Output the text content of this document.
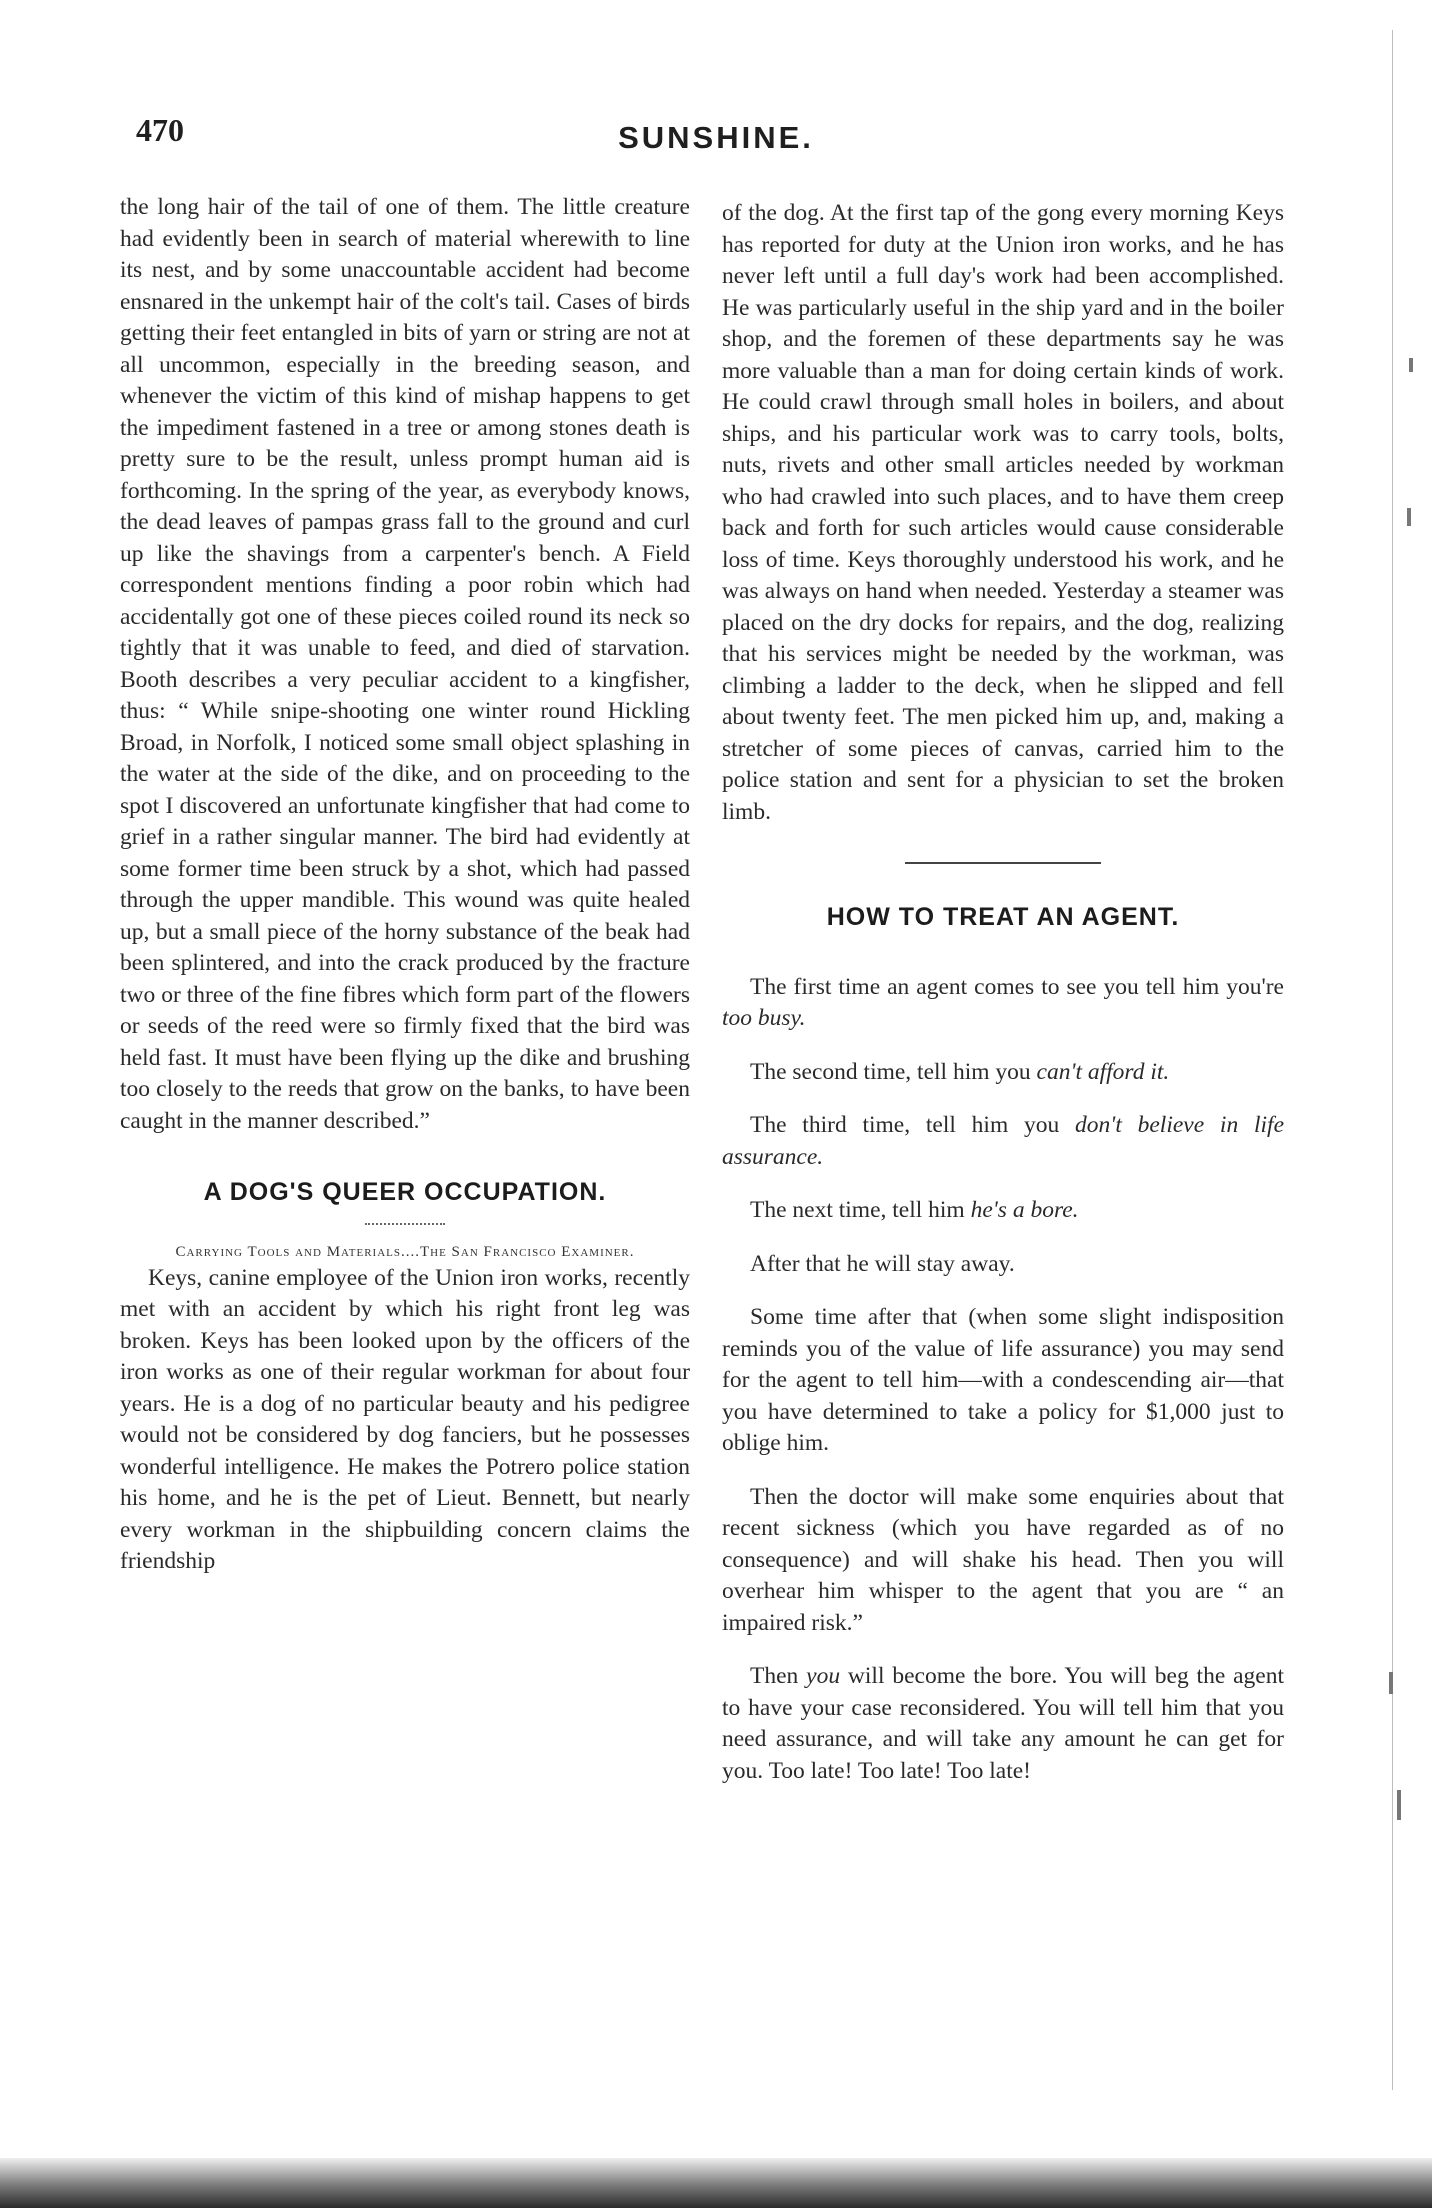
470	SUNSHINE.

the long hair of the tail of one of them. The little creature had evidently been in search of material wherewith to line its nest, and by some unaccountable accident had become ensnared in the unkempt hair of the colt's tail. Cases of birds getting their feet entangled in bits of yarn or string are not at all uncommon, especially in the breeding season, and whenever the victim of this kind of mishap happens to get the impediment fastened in a tree or among stones death is pretty sure to be the result, unless prompt human aid is forthcoming. In the spring of the year, as everybody knows, the dead leaves of pampas grass fall to the ground and curl up like the shavings from a carpenter's bench. A Field correspondent mentions finding a poor robin which had accidentally got one of these pieces coiled round its neck so tightly that it was unable to feed, and died of starvation. Booth describes a very peculiar accident to a kingfisher, thus: “ While snipe-shooting one winter round Hickling Broad, in Norfolk, I noticed some small object splashing in the water at the side of the dike, and on proceeding to the spot I discovered an unfortunate kingfisher that had come to grief in a rather singular manner. The bird had evidently at some former time been struck by a shot, which had passed through the upper mandible. This wound was quite healed up, but a small piece of the horny substance of the beak had been splintered, and into the crack produced by the fracture two or three of the fine fibres which form part of the flowers or seeds of the reed were so firmly fixed that the bird was held fast. It must have been flying up the dike and brushing too closely to the reeds that grow on the banks, to have been caught in the manner described.”

A DOG'S QUEER OCCUPATION.

Carrying Tools and Materials....The San Francisco Examiner.

Keys, canine employee of the Union iron works, recently met with an accident by which his right front leg was broken. Keys has been looked upon by the officers of the iron works as one of their regular workman for about four years. He is a dog of no particular beauty and his pedigree would not be considered by dog fanciers, but he possesses wonderful intelligence. He makes the Potrero police station his home, and he is the pet of Lieut. Bennett, but nearly every workman in the shipbuilding concern claims the friendship

of the dog. At the first tap of the gong every morning Keys has reported for duty at the Union iron works, and he has never left until a full day's work had been accomplished. He was particularly useful in the ship yard and in the boiler shop, and the foremen of these departments say he was more valuable than a man for doing certain kinds of work. He could crawl through small holes in boilers, and about ships, and his particular work was to carry tools, bolts, nuts, rivets and other small articles needed by workman who had crawled into such places, and to have them creep back and forth for such articles would cause considerable loss of time. Keys thoroughly understood his work, and he was always on hand when needed. Yesterday a steamer was placed on the dry docks for repairs, and the dog, realizing that his services might be needed by the workman, was climbing a ladder to the deck, when he slipped and fell about twenty feet. The men picked him up, and, making a stretcher of some pieces of canvas, carried him to the police station and sent for a physician to set the broken limb.

HOW TO TREAT AN AGENT.

The first time an agent comes to see you tell him you're too busy.

The second time, tell him you can't afford it.

The third time, tell him you don't believe in life assurance.

The next time, tell him he's a bore.

After that he will stay away.

Some time after that (when some slight indisposition reminds you of the value of life assurance) you may send for the agent to tell him—with a condescending air—that you have determined to take a policy for $1,000 just to oblige him.

Then the doctor will make some enquiries about that recent sickness (which you have regarded as of no consequence) and will shake his head. Then you will overhear him whisper to the agent that you are “ an impaired risk.”

Then you will become the bore. You will beg the agent to have your case reconsidered. You will tell him that you need assurance, and will take any amount he can get for you. Too late! Too late! Too late!
